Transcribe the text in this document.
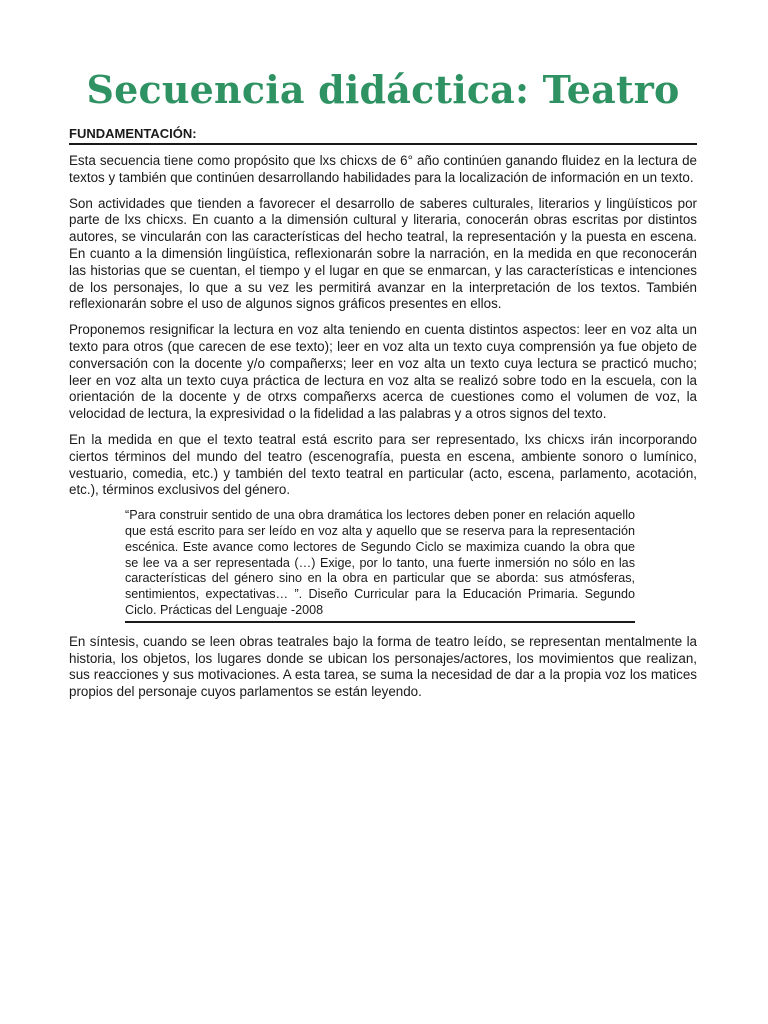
Secuencia didáctica: Teatro
FUNDAMENTACIÓN:

Esta secuencia tiene como propósito que lxs chicxs de 6° año continúen ganando fluidez en la lectura de textos y también que continúen desarrollando habilidades para la localización de información en un texto.

Son actividades que tienden a favorecer el desarrollo de saberes culturales, literarios y lingüísticos por parte de lxs chicxs. En cuanto a la dimensión cultural y literaria, conocerán obras escritas por distintos autores, se vincularán con las características del hecho teatral, la representación y la puesta en escena. En cuanto a la dimensión lingüística, reflexionarán sobre la narración, en la medida en que reconocerán las historias que se cuentan, el tiempo y el lugar en que se enmarcan, y las características e intenciones de los personajes, lo que a su vez les permitirá avanzar en la interpretación de los textos. También reflexionarán sobre el uso de algunos signos gráficos presentes en ellos.

Proponemos resignificar la lectura en voz alta teniendo en cuenta distintos aspectos: leer en voz alta un texto para otros (que carecen de ese texto); leer en voz alta un texto cuya comprensión ya fue objeto de conversación con la docente y/o compañerxs; leer en voz alta un texto cuya lectura se practicó mucho; leer en voz alta un texto cuya práctica de lectura en voz alta se realizó sobre todo en la escuela, con la orientación de la docente y de otrxs compañerxs acerca de cuestiones como el volumen de voz, la velocidad de lectura, la expresividad o la fidelidad a las palabras y a otros signos del texto.

En la medida en que el texto teatral está escrito para ser representado, lxs chicxs irán incorporando ciertos términos del mundo del teatro (escenografía, puesta en escena, ambiente sonoro o lumínico, vestuario, comedia, etc.) y también del texto teatral en particular (acto, escena, parlamento, acotación, etc.), términos exclusivos del género.

“Para construir sentido de una obra dramática los lectores deben poner en relación aquello que está escrito para ser leído en voz alta y aquello que se reserva para la representación escénica. Este avance como lectores de Segundo Ciclo se maximiza cuando la obra que se lee va a ser representada (…) Exige, por lo tanto, una fuerte inmersión no sólo en las características del género sino en la obra en particular que se aborda: sus atmósferas, sentimientos, expectativas… ”. Diseño Curricular para la Educación Primaria. Segundo Ciclo. Prácticas del Lenguaje -2008

En síntesis, cuando se leen obras teatrales bajo la forma de teatro leído, se representan mentalmente la historia, los objetos, los lugares donde se ubican los personajes/actores, los movimientos que realizan, sus reacciones y sus motivaciones. A esta tarea, se suma la necesidad de dar a la propia voz los matices propios del personaje cuyos parlamentos se están leyendo.
